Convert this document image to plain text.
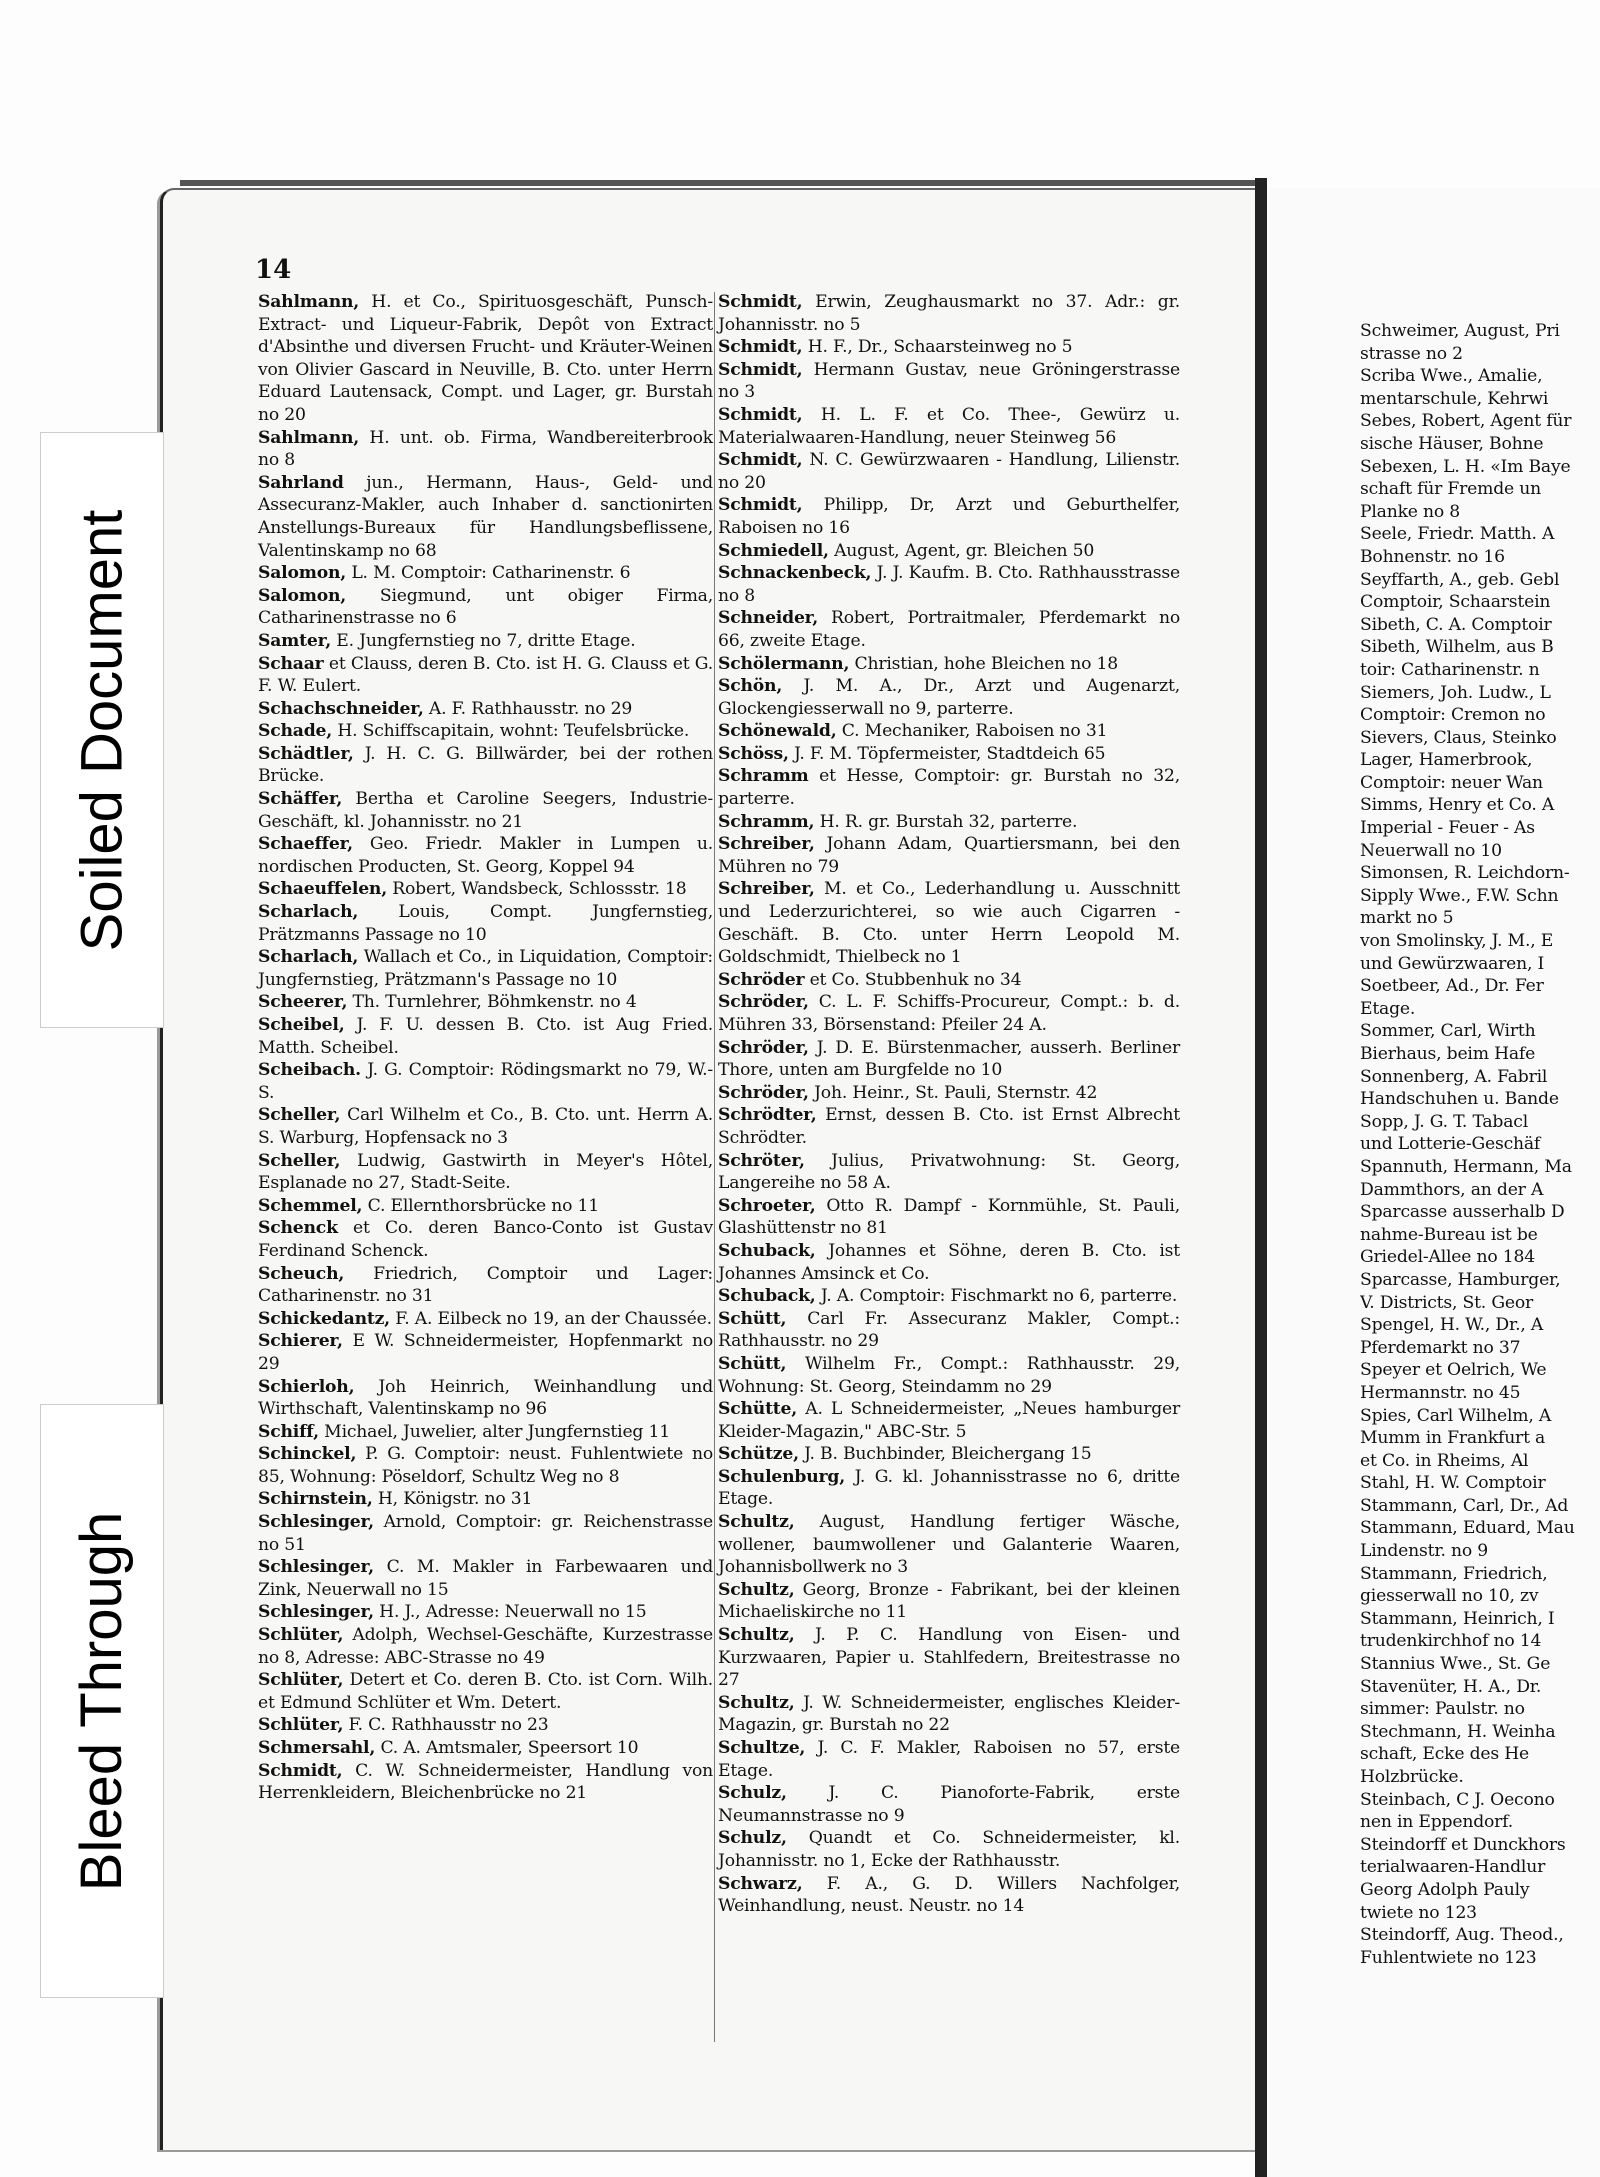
14

Sahlmann, H. et Co., Spirituosgeschäft, Punsch-Extract- und Liqueur-Fabrik, Depôt von Extract d'Absinthe und diversen Frucht- und Kräuter-Weinen von Olivier Gascard in Neuville, B. Cto. unter Herrn Eduard Lautensack, Compt. und Lager, gr. Burstah no 20

Sahlmann, H. unt. ob. Firma, Wandbereiterbrook no 8

Sahrland jun., Hermann, Haus-, Geld- und Assecuranz-Makler, auch Inhaber d. sanctionirten Anstellungs-Bureaux für Handlungsbeflissene, Valentinskamp no 68

Salomon, L. M. Comptoir: Catharinenstr. 6

Salomon, Siegmund, unt obiger Firma, Catharinenstrasse no 6

Samter, E. Jungfernstieg no 7, dritte Etage.

Schaar et Clauss, deren B. Cto. ist H. G. Clauss et G. F. W. Eulert.

Schachschneider, A. F. Rathhausstr. no 29

Schade, H. Schiffscapitain, wohnt: Teufelsbrücke.

Schädtler, J. H. C. G. Billwärder, bei der rothen Brücke.

Schäffer, Bertha et Caroline Seegers, Industrie-Geschäft, kl. Johannisstr. no 21

Schaeffer, Geo. Friedr. Makler in Lumpen u. nordischen Producten, St. Georg, Koppel 94

Schaeuffelen, Robert, Wandsbeck, Schlossstr. 18

Scharlach, Louis, Compt. Jungfernstieg, Prätzmanns Passage no 10

Scharlach, Wallach et Co., in Liquidation, Comptoir: Jungfernstieg, Prätzmann's Passage no 10

Scheerer, Th. Turnlehrer, Böhmkenstr. no 4

Scheibel, J. F. U. dessen B. Cto. ist Aug Fried. Matth. Scheibel.

Scheibach. J. G. Comptoir: Rödingsmarkt no 79, W.-S.

Scheller, Carl Wilhelm et Co., B. Cto. unt. Herrn A. S. Warburg, Hopfensack no 3

Scheller, Ludwig, Gastwirth in Meyer's Hôtel, Esplanade no 27, Stadt-Seite.

Schemmel, C. Ellernthorsbrücke no 11

Schenck et Co. deren Banco-Conto ist Gustav Ferdinand Schenck.

Scheuch, Friedrich, Comptoir und Lager: Catharinenstr. no 31

Schickedantz, F. A. Eilbeck no 19, an der Chaussée.

Schierer, E W. Schneidermeister, Hopfenmarkt no 29

Schierloh, Joh Heinrich, Weinhandlung und Wirthschaft, Valentinskamp no 96

Schiff, Michael, Juwelier, alter Jungfernstieg 11

Schinckel, P. G. Comptoir: neust. Fuhlentwiete no 85, Wohnung: Pöseldorf, Schultz Weg no 8

Schirnstein, H, Königstr. no 31

Schlesinger, Arnold, Comptoir: gr. Reichenstrasse no 51

Schlesinger, C. M. Makler in Farbewaaren und Zink, Neuerwall no 15

Schlesinger, H. J., Adresse: Neuerwall no 15

Schlüter, Adolph, Wechsel-Geschäfte, Kurzestrasse no 8, Adresse: ABC-Strasse no 49

Schlüter, Detert et Co. deren B. Cto. ist Corn. Wilh. et Edmund Schlüter et Wm. Detert.

Schlüter, F. C. Rathhausstr no 23

Schmersahl, C. A. Amtsmaler, Speersort 10

Schmidt, C. W. Schneidermeister, Handlung von Herrenkleidern, Bleichenbrücke no 21

Schmidt, Erwin, Zeughausmarkt no 37. Adr.: gr. Johannisstr. no 5

Schmidt, H. F., Dr., Schaarsteinweg no 5

Schmidt, Hermann Gustav, neue Gröningerstrasse no 3

Schmidt, H. L. F. et Co. Thee-, Gewürz u. Materialwaaren-Handlung, neuer Steinweg 56

Schmidt, N. C. Gewürzwaaren - Handlung, Lilienstr. no 20

Schmidt, Philipp, Dr, Arzt und Geburthelfer, Raboisen no 16

Schmiedell, August, Agent, gr. Bleichen 50

Schnackenbeck, J. J. Kaufm. B. Cto. Rathhausstrasse no 8

Schneider, Robert, Portraitmaler, Pferdemarkt no 66, zweite Etage.

Schölermann, Christian, hohe Bleichen no 18

Schön, J. M. A., Dr., Arzt und Augenarzt, Glockengiesserwall no 9, parterre.

Schönewald, C. Mechaniker, Raboisen no 31

Schöss, J. F. M. Töpfermeister, Stadtdeich 65

Schramm et Hesse, Comptoir: gr. Burstah no 32, parterre.

Schramm, H. R. gr. Burstah 32, parterre.

Schreiber, Johann Adam, Quartiersmann, bei den Mühren no 79

Schreiber, M. et Co., Lederhandlung u. Ausschnitt und Lederzurichterei, so wie auch Cigarren - Geschäft. B. Cto. unter Herrn Leopold M. Goldschmidt, Thielbeck no 1

Schröder et Co. Stubbenhuk no 34

Schröder, C. L. F. Schiffs-Procureur, Compt.: b. d. Mühren 33, Börsenstand: Pfeiler 24 A.

Schröder, J. D. E. Bürstenmacher, ausserh. Berliner Thore, unten am Burgfelde no 10

Schröder, Joh. Heinr., St. Pauli, Sternstr. 42

Schrödter, Ernst, dessen B. Cto. ist Ernst Albrecht Schrödter.

Schröter, Julius, Privatwohnung: St. Georg, Langereihe no 58 A.

Schroeter, Otto R. Dampf - Kornmühle, St. Pauli, Glashüttenstr no 81

Schuback, Johannes et Söhne, deren B. Cto. ist Johannes Amsinck et Co.

Schuback, J. A. Comptoir: Fischmarkt no 6, parterre.

Schütt, Carl Fr. Assecuranz Makler, Compt.: Rathhausstr. no 29

Schütt, Wilhelm Fr., Compt.: Rathhausstr. 29, Wohnung: St. Georg, Steindamm no 29

Schütte, A. L Schneidermeister, „Neues hamburger Kleider-Magazin," ABC-Str. 5

Schütze, J. B. Buchbinder, Bleichergang 15

Schulenburg, J. G. kl. Johannisstrasse no 6, dritte Etage.

Schultz, August, Handlung fertiger Wäsche, wollener, baumwollener und Galanterie Waaren, Johannisbollwerk no 3

Schultz, Georg, Bronze - Fabrikant, bei der kleinen Michaeliskirche no 11

Schultz, J. P. C. Handlung von Eisen- und Kurzwaaren, Papier u. Stahlfedern, Breitestrasse no 27

Schultz, J. W. Schneidermeister, englisches Kleider-Magazin, gr. Burstah no 22

Schultze, J. C. F. Makler, Raboisen no 57, erste Etage.

Schulz, J. C. Pianoforte-Fabrik, erste Neumannstrasse no 9

Schulz, Quandt et Co. Schneidermeister, kl. Johannisstr. no 1, Ecke der Rathhausstr.

Schwarz, F. A., G. D. Willers Nachfolger, Weinhandlung, neust. Neustr. no 14

Schweimer, August, Pri

strasse no 2

Scriba Wwe., Amalie,

mentarschule, Kehrwi

Sebes, Robert, Agent für

sische Häuser, Bohne

Sebexen, L. H. «Im Baye

schaft für Fremde un

Planke no 8

Seele, Friedr. Matth. A

Bohnenstr. no 16

Seyffarth, A., geb. Gebl

Comptoir, Schaarstein

Sibeth, C. A. Comptoir

Sibeth, Wilhelm, aus B

toir: Catharinenstr. n

Siemers, Joh. Ludw., L

Comptoir: Cremon no

Sievers, Claus, Steinko

Lager, Hamerbrook,

Comptoir: neuer Wan

Simms, Henry et Co. A

Imperial - Feuer - As

Neuerwall no 10

Simonsen, R. Leichdorn-

Sipply Wwe., F.W. Schn

markt no 5

von Smolinsky, J. M., E

und Gewürzwaaren, I

Soetbeer, Ad., Dr. Fer

Etage.

Sommer, Carl, Wirth

Bierhaus, beim Hafe

Sonnenberg, A. Fabril

Handschuhen u. Bande

Sopp, J. G. T. Tabacl

und Lotterie-Geschäf

Spannuth, Hermann, Ma

Dammthors, an der A

Sparcasse ausserhalb D

nahme-Bureau ist be

Griedel-Allee no 184

Sparcasse, Hamburger,

V. Districts, St. Geor

Spengel, H. W., Dr., A

Pferdemarkt no 37

Speyer et Oelrich, We

Hermannstr. no 45

Spies, Carl Wilhelm, A

Mumm in Frankfurt a

et Co. in Rheims, Al

Stahl, H. W. Comptoir

Stammann, Carl, Dr., Ad

Stammann, Eduard, Mau

Lindenstr. no 9

Stammann, Friedrich,

giesserwall no 10, zv

Stammann, Heinrich, I

trudenkirchhof no 14

Stannius Wwe., St. Ge

Stavenüter, H. A., Dr.

simmer: Paulstr. no

Stechmann, H. Weinha

schaft, Ecke des He

Holzbrücke.

Steinbach, C J. Oecono

nen in Eppendorf.

Steindorff et Dunckhors

terialwaaren-Handlur

Georg Adolph Pauly

twiete no 123

Steindorff, Aug. Theod.,

Fuhlentwiete no 123

Soiled Document
Bleed Through
